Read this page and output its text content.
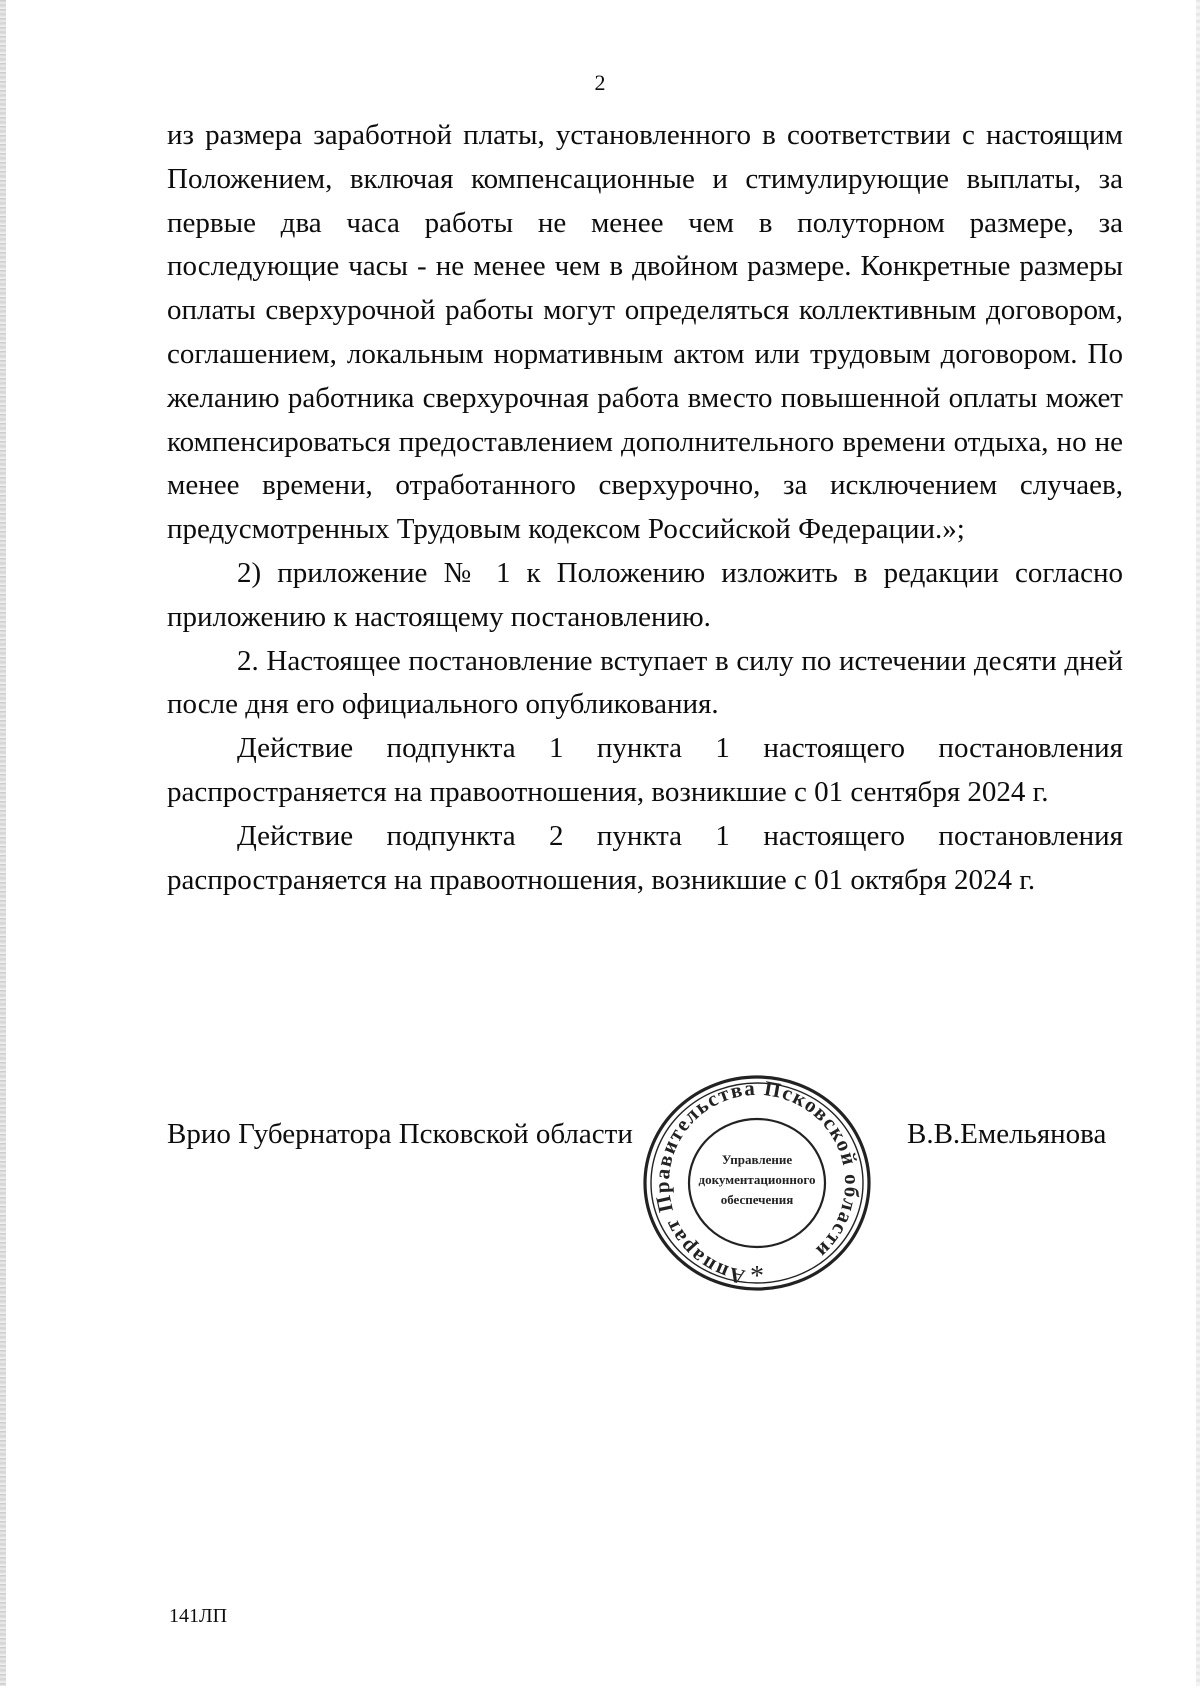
2

из размера заработной платы, установленного в соответствии с настоящим Положением, включая компенсационные и стимулирующие выплаты, за первые два часа работы не менее чем в полуторном размере, за последующие часы - не менее чем в двойном размере. Конкретные размеры оплаты сверхурочной работы могут определяться коллективным договором, соглашением, локальным нормативным актом или трудовым договором. По желанию работника сверхурочная работа вместо повышенной оплаты может компенсироваться предоставлением дополнительного времени отдыха, но не менее времени, отработанного сверхурочно, за исключением случаев, предусмотренных Трудовым кодексом Российской Федерации.»;

2) приложение № 1 к Положению изложить в редакции согласно приложению к настоящему постановлению.

2. Настоящее постановление вступает в силу по истечении десяти дней после дня его официального опубликования.

Действие подпункта 1 пункта 1 настоящего постановления распространяется на правоотношения, возникшие с 01 сентября 2024 г.

Действие подпункта 2 пункта 1 настоящего постановления распространяется на правоотношения, возникшие с 01 октября 2024 г.

Врио Губернатора Псковской области	В.В.Емельянова
Аппарат Правительства Псковской области
Управление
документационного
обеспечения
*
141ЛП
